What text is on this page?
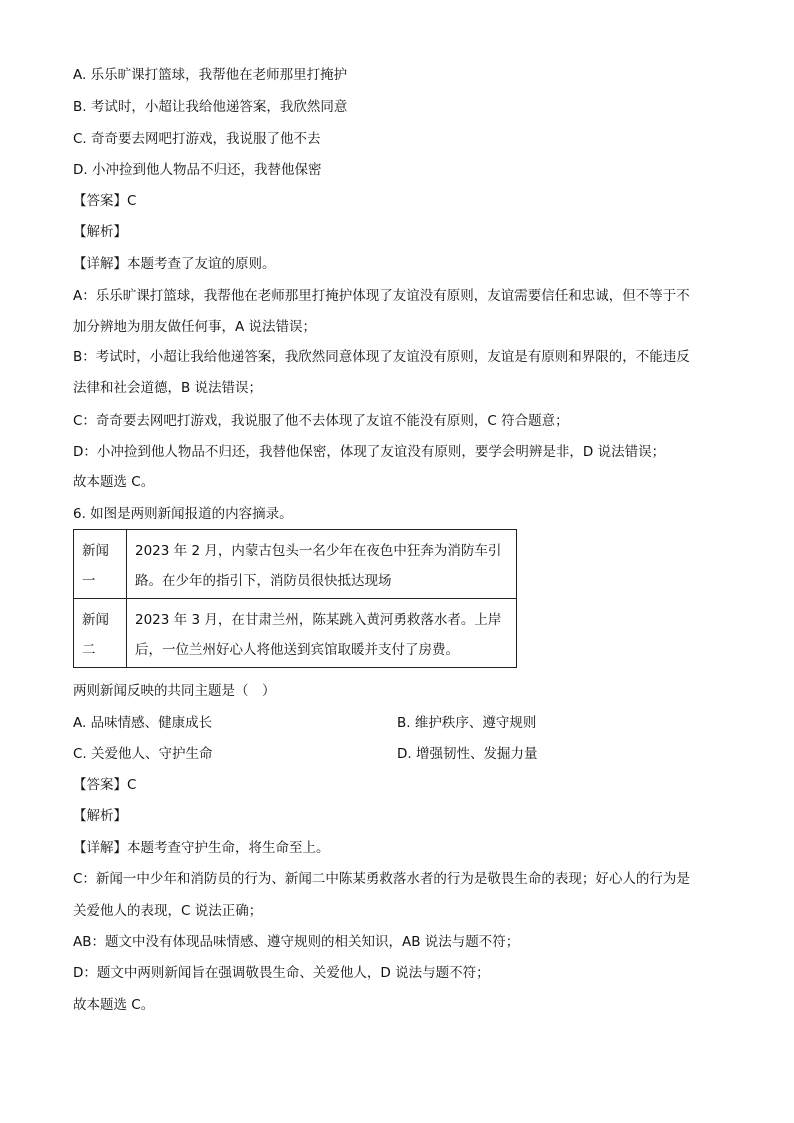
A. 乐乐旷课打篮球，我帮他在老师那里打掩护
B. 考试时，小超让我给他递答案，我欣然同意
C. 奇奇要去网吧打游戏，我说服了他不去
D. 小冲捡到他人物品不归还，我替他保密
【答案】C
【解析】
【详解】本题考查了友谊的原则。
A：乐乐旷课打篮球，我帮他在老师那里打掩护体现了友谊没有原则，友谊需要信任和忠诚，但不等于不
加分辨地为朋友做任何事，A 说法错误；
B：考试时，小超让我给他递答案，我欣然同意体现了友谊没有原则，友谊是有原则和界限的，不能违反
法律和社会道德，B 说法错误；
C：奇奇要去网吧打游戏，我说服了他不去体现了友谊不能没有原则，C 符合题意；
D：小冲捡到他人物品不归还，我替他保密，体现了友谊没有原则，要学会明辨是非，D 说法错误；
故本题选 C。
6. 如图是两则新闻报道的内容摘录。
新闻一	2023 年 2 月，内蒙古包头一名少年在夜色中狂奔为消防车引
路。在少年的指引下，消防员很快抵达现场

新闻二	2023 年 3 月，在甘肃兰州，陈某跳入黄河勇救落水者。上岸
后，一位兰州好心人将他送到宾馆取暖并支付了房费。
两则新闻反映的共同主题是（　）
A. 品味情感、健康成长	B. 维护秩序、遵守规则
C. 关爱他人、守护生命	D. 增强韧性、发掘力量
【答案】C
【解析】
【详解】本题考查守护生命，将生命至上。
C：新闻一中少年和消防员的行为、新闻二中陈某勇救落水者的行为是敬畏生命的表现；好心人的行为是
关爱他人的表现，C 说法正确；
AB：题文中没有体现品味情感、遵守规则的相关知识，AB 说法与题不符；
D：题文中两则新闻旨在强调敬畏生命、关爱他人，D 说法与题不符；
故本题选 C。
